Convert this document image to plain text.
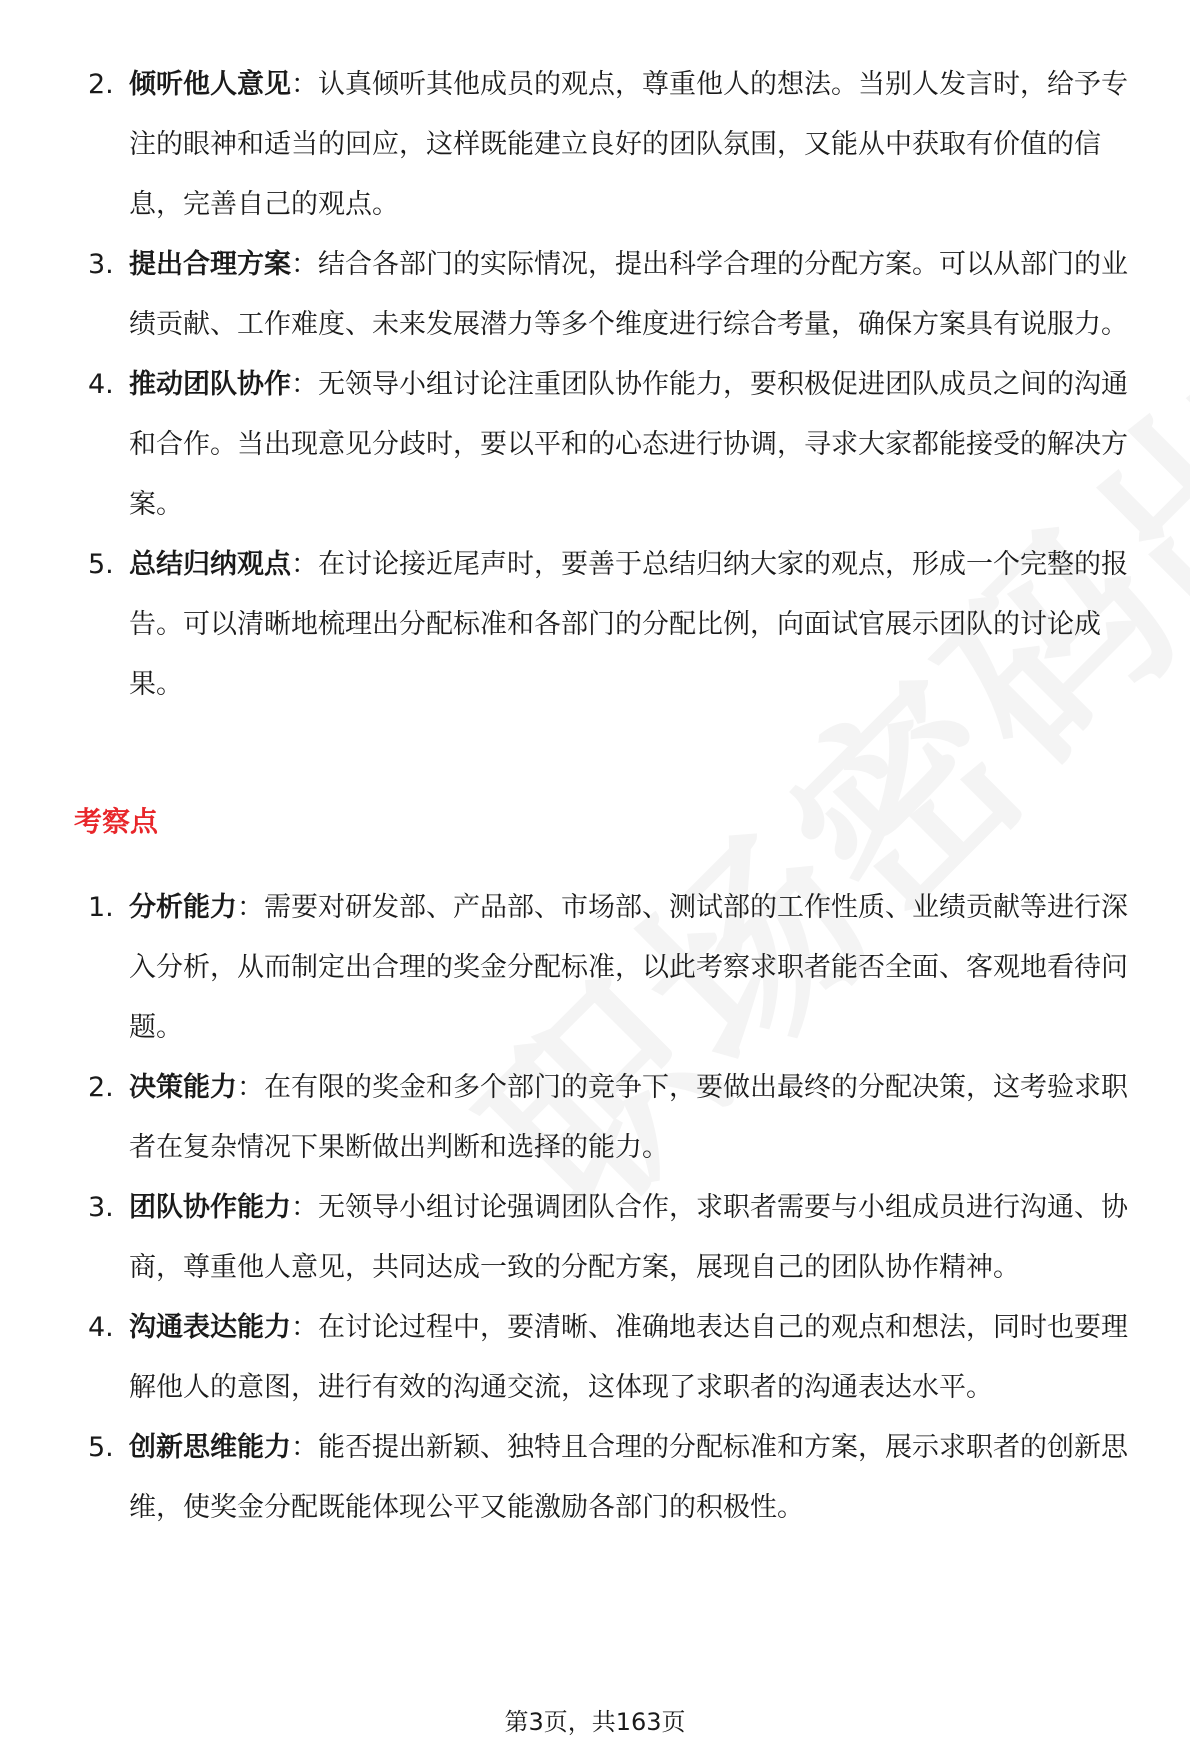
2. 倾听他人意见：认真倾听其他成员的观点，尊重他人的想法。当别人发言时，给予专注的眼神和适当的回应，这样既能建立良好的团队氛围，又能从中获取有价值的信息，完善自己的观点。
3. 提出合理方案：结合各部门的实际情况，提出科学合理的分配方案。可以从部门的业绩贡献、工作难度、未来发展潜力等多个维度进行综合考量，确保方案具有说服力。
4. 推动团队协作：无领导小组讨论注重团队协作能力，要积极促进团队成员之间的沟通和合作。当出现意见分歧时，要以平和的心态进行协调，寻求大家都能接受的解决方案。
5. 总结归纳观点：在讨论接近尾声时，要善于总结归纳大家的观点，形成一个完整的报告。可以清晰地梳理出分配标准和各部门的分配比例，向面试官展示团队的讨论成果。
考察点
1. 分析能力：需要对研发部、产品部、市场部、测试部的工作性质、业绩贡献等进行深入分析，从而制定出合理的奖金分配标准，以此考察求职者能否全面、客观地看待问题。
2. 决策能力：在有限的奖金和多个部门的竞争下，要做出最终的分配决策，这考验求职者在复杂情况下果断做出判断和选择的能力。
3. 团队协作能力：无领导小组讨论强调团队合作，求职者需要与小组成员进行沟通、协商，尊重他人意见，共同达成一致的分配方案，展现自己的团队协作精神。
4. 沟通表达能力：在讨论过程中，要清晰、准确地表达自己的观点和想法，同时也要理解他人的意图，进行有效的沟通交流，这体现了求职者的沟通表达水平。
5. 创新思维能力：能否提出新颖、独特且合理的分配标准和方案，展示求职者的创新思维，使奖金分配既能体现公平又能激励各部门的积极性。
第3页，共163页
